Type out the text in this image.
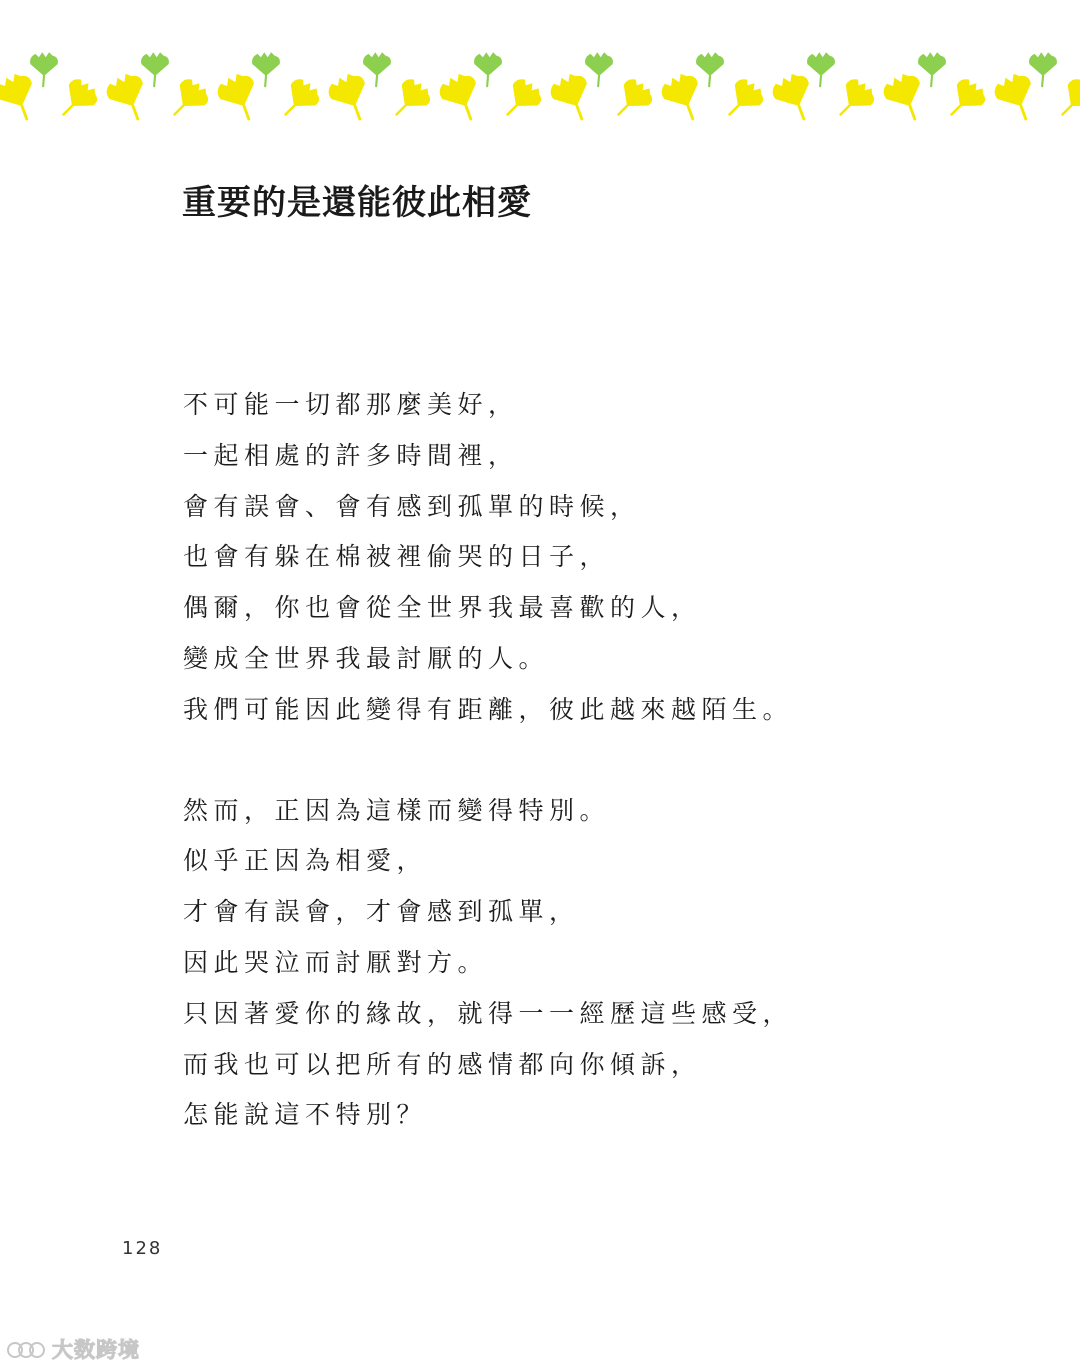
重要的是還能彼此相愛
不可能一切都那麼美好，
一起相處的許多時間裡，
會有誤會、會有感到孤單的時候，
也會有躲在棉被裡偷哭的日子，
偶爾，你也會從全世界我最喜歡的人，
變成全世界我最討厭的人。
我們可能因此變得有距離，彼此越來越陌生。
然而，正因為這樣而變得特別。
似乎正因為相愛，
才會有誤會，才會感到孤單，
因此哭泣而討厭對方。
只因著愛你的緣故，就得一一經歷這些感受，
而我也可以把所有的感情都向你傾訴，
怎能說這不特別？
128
大数跨境
